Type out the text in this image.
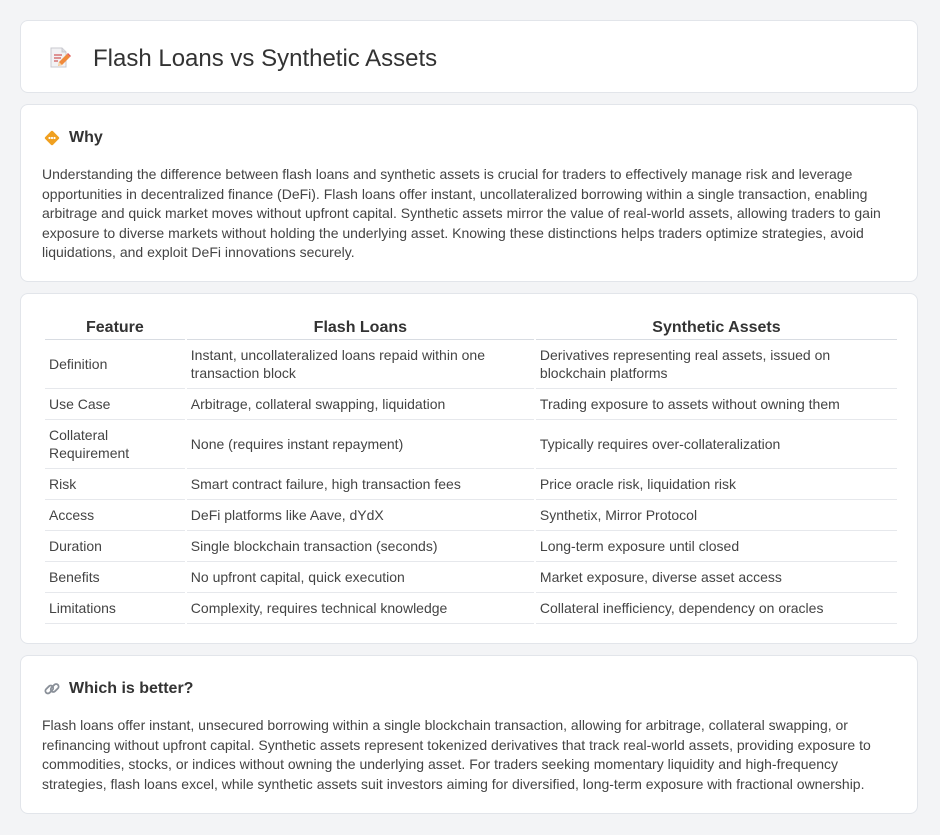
Flash Loans vs Synthetic Assets
Why

Understanding the difference between flash loans and synthetic assets is crucial for traders to effectively manage risk and leverage opportunities in decentralized finance (DeFi). Flash loans offer instant, uncollateralized borrowing within a single transaction, enabling arbitrage and quick market moves without upfront capital. Synthetic assets mirror the value of real-world assets, allowing traders to gain exposure to diverse markets without holding the underlying asset. Knowing these distinctions helps traders optimize strategies, avoid liquidations, and exploit DeFi innovations securely.

Feature	Flash Loans	Synthetic Assets
Definition	Instant, uncollateralized loans repaid within one transaction block	Derivatives representing real assets, issued on blockchain platforms
Use Case	Arbitrage, collateral swapping, liquidation	Trading exposure to assets without owning them
Collateral Requirement	None (requires instant repayment)	Typically requires over-collateralization
Risk	Smart contract failure, high transaction fees	Price oracle risk, liquidation risk
Access	DeFi platforms like Aave, dYdX	Synthetix, Mirror Protocol
Duration	Single blockchain transaction (seconds)	Long-term exposure until closed
Benefits	No upfront capital, quick execution	Market exposure, diverse asset access
Limitations	Complexity, requires technical knowledge	Collateral inefficiency, dependency on oracles
Which is better?

Flash loans offer instant, unsecured borrowing within a single blockchain transaction, allowing for arbitrage, collateral swapping, or refinancing without upfront capital. Synthetic assets represent tokenized derivatives that track real-world assets, providing exposure to commodities, stocks, or indices without owning the underlying asset. For traders seeking momentary liquidity and high-frequency strategies, flash loans excel, while synthetic assets suit investors aiming for diversified, long-term exposure with fractional ownership.
